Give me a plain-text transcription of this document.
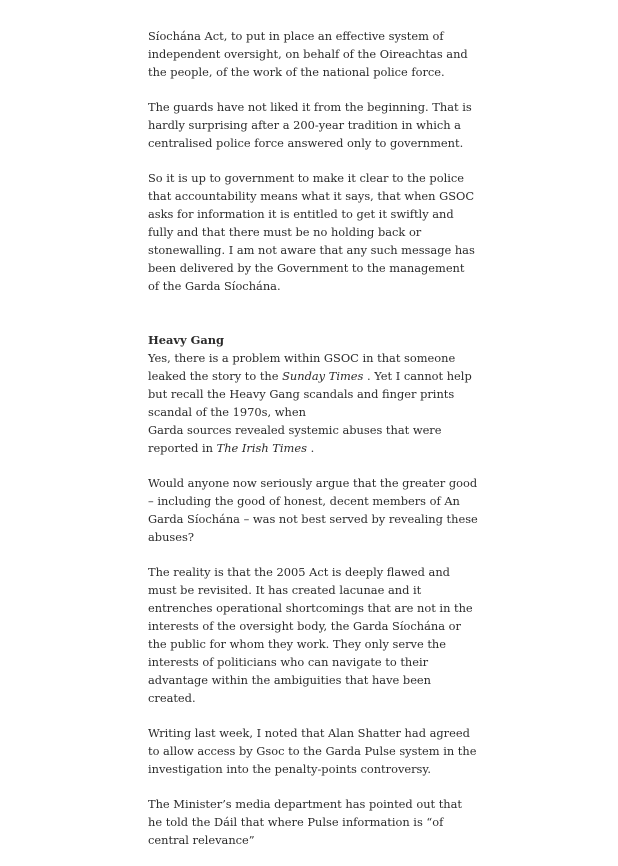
Síochána Act, to put in place an effective system of independent oversight, on behalf of the Oireachtas and the people, of the work of the national police force.

The guards have not liked it from the beginning. That is hardly surprising after a 200-year tradition in which a centralised police force answered only to government.

So it is up to government to make it clear to the police that accountability means what it says, that when GSOC asks for information it is entitled to get it swiftly and fully and that there must be no holding back or stonewalling. I am not aware that any such message has been delivered by the Government to the management of the Garda Síochána.

Heavy Gang

Yes, there is a problem within GSOC in that someone leaked the story to the Sunday Times . Yet I cannot help but recall the Heavy Gang scandals and finger prints scandal of the 1970s, when

Garda sources revealed systemic abuses that were reported in The Irish Times .

Would anyone now seriously argue that the greater good – including the good of honest, decent members of An Garda Síochána – was not best served by revealing these abuses?

The reality is that the 2005 Act is deeply flawed and must be revisited. It has created lacunae and it entrenches operational shortcomings that are not in the interests of the oversight body, the Garda Síochána or the public for whom they work. They only serve the interests of politicians who can navigate to their advantage within the ambiguities that have been created.

Writing last week, I noted that Alan Shatter had agreed to allow access by Gsoc to the Garda Pulse system in the investigation into the penalty-points controversy.

The Minister’s media department has pointed out that he told the Dáil that where Pulse information is “of central relevance”
